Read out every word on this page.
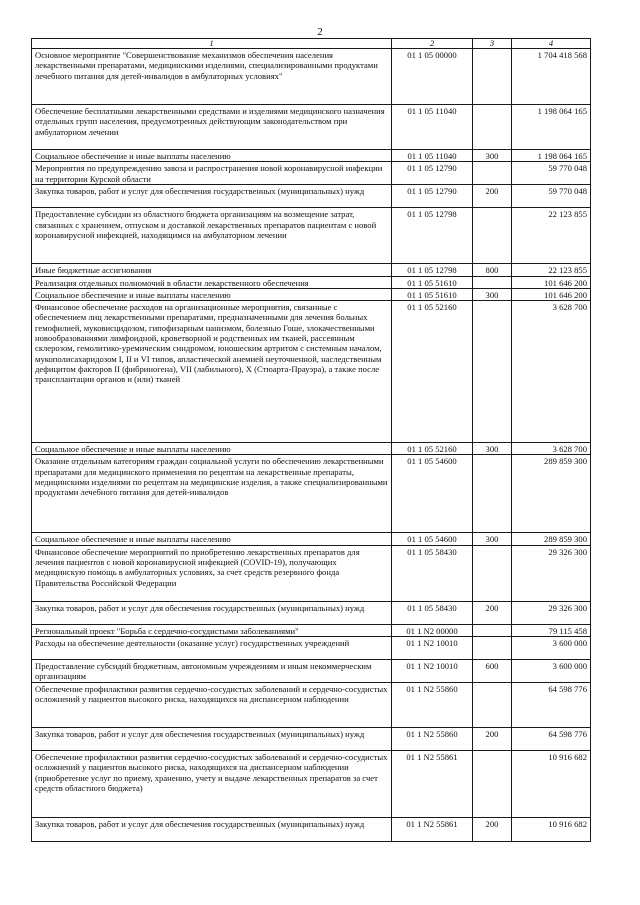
2
1	2	3	4
Основное мероприятие "Совершенствование механизмов обеспечения населения лекарственными препаратами, медицинскими изделиями, специализированными продуктами лечебного питания для детей-инвалидов в амбулаторных условиях"	01 1 05 00000		1 704 418 568
Обеспечение бесплатными лекарственными средствами и изделиями медицинского назначения отдельных групп населения, предусмотренных действующим законодательством при амбулаторном лечении	01 1 05 11040		1 198 064 165
Социальное обеспечение и иные выплаты населению	01 1 05 11040	300	1 198 064 165
Мероприятия по предупреждению завоза и распространения новой коронавирусной инфекции на территории Курской области	01 1 05 12790		59 770 048
Закупка товаров, работ и услуг для обеспечения государственных (муниципальных) нужд	01 1 05 12790	200	59 770 048
Предоставление субсидии из областного бюджета организациям на возмещение затрат, связанных с хранением, отпуском и доставкой лекарственных препаратов пациентам с новой коронавирусной инфекцией, находящимся на амбулаторном лечении	01 1 05 12798		22 123 855
Иные бюджетные ассигнования	01 1 05 12798	800	22 123 855
Реализация отдельных полномочий в области лекарственного обеспечения	01 1 05 51610		101 646 200
Социальное обеспечение и иные выплаты населению	01 1 05 51610	300	101 646 200
Финансовое обеспечение расходов на организационные мероприятия, связанные с обеспечением лиц лекарственными препаратами, предназначенными для лечения больных гемофилией, муковисцидозом, гипофизарным нанизмом, болезнью Гоше, злокачественными новообразованиями лимфоидной, кроветворной и родственных им тканей, рассеянным склерозом, гемолитико-уремическим синдромом, юношеским артритом с системным началом, мукополисахаридозом I, II и VI типов, апластической анемией неуточненной, наследственным дефицитом факторов II (фибриногена), VII (лабильного), X (Стюарта-Прауэра), а также после трансплантации органов и (или) тканей	01 1 05 52160		3 628 700
Социальное обеспечение и иные выплаты населению	01 1 05 52160	300	3 628 700
Оказание отдельным категориям граждан социальной услуги по обеспечению лекарственными препаратами для медицинского применения по рецептам на лекарственные препараты, медицинскими изделиями по рецептам на медицинские изделия, а также специализированными продуктами лечебного питания для детей-инвалидов	01 1 05 54600		289 859 300
Социальное обеспечение и иные выплаты населению	01 1 05 54600	300	289 859 300
Финансовое обеспечение мероприятий по приобретению лекарственных препаратов для лечения пациентов с новой коронавирусной инфекцией (COVID-19), получающих медицинскую помощь в амбулаторных условиях, за счет средств резервного фонда Правительства Российской Федерации	01 1 05 58430		29 326 300
Закупка товаров, работ и услуг для обеспечения государственных (муниципальных) нужд	01 1 05 58430	200	29 326 300
Региональный проект "Борьба с сердечно-сосудистыми заболеваниями"	01 1 N2 00000		79 115 458
Расходы на обеспечение деятельности (оказание услуг) государственных учреждений	01 1 N2 10010		3 600 000
Предоставление субсидий бюджетным, автономным учреждениям и иным некоммерческим организациям	01 1 N2 10010	600	3 600 000
Обеспечение профилактики развития сердечно-сосудистых заболеваний и сердечно-сосудистых осложнений у пациентов высокого риска, находящихся на диспансерном наблюдении	01 1 N2 55860		64 598 776
Закупка товаров, работ и услуг для обеспечения государственных (муниципальных) нужд	01 1 N2 55860	200	64 598 776
Обеспечение профилактики развития сердечно-сосудистых заболеваний и сердечно-сосудистых осложнений у пациентов высокого риска, находящихся на диспансерном наблюдении (приобретение услуг по приему, хранению, учету и выдаче лекарственных препаратов за счет средств областного бюджета)	01 1 N2 55861		10 916 682
Закупка товаров, работ и услуг для обеспечения государственных (муниципальных) нужд	01 1 N2 55861	200	10 916 682
